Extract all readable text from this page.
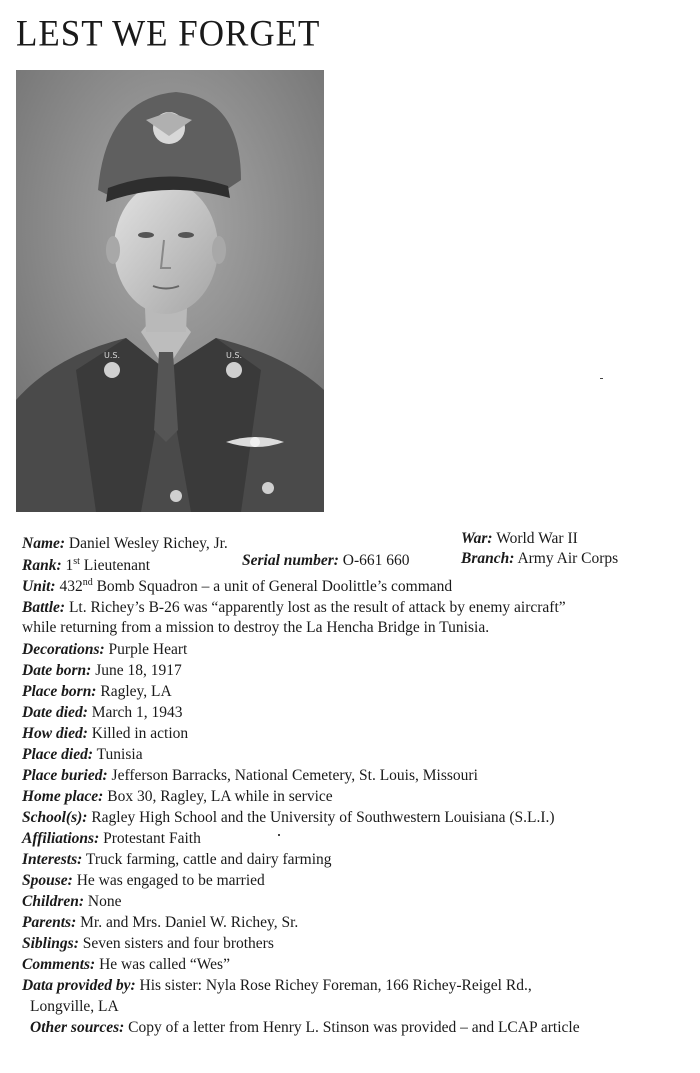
LEST WE FORGET
U.S.	U.S.
Name: Daniel Wesley Richey, Jr.	War: World War II
Rank: 1st Lieutenant	Serial number: O-661 660	Branch: Army Air Corps
Unit: 432nd Bomb Squadron – a unit of General Doolittle’s command
Battle: Lt. Richey’s B-26 was “apparently lost as the result of attack by enemy aircraft”
while returning from a mission to destroy the La Hencha Bridge in Tunisia.
Decorations: Purple Heart
Date born: June 18, 1917
Place born: Ragley, LA
Date died: March 1, 1943
How died: Killed in action
Place died: Tunisia
Place buried: Jefferson Barracks, National Cemetery, St. Louis, Missouri
Home place: Box 30, Ragley, LA while in service
School(s): Ragley High School and the University of Southwestern Louisiana (S.L.I.)
Affiliations: Protestant Faith
Interests: Truck farming, cattle and dairy farming
Spouse: He was engaged to be married
Children: None
Parents: Mr. and Mrs. Daniel W. Richey, Sr.
Siblings: Seven sisters and four brothers
Comments: He was called “Wes”
Data provided by: His sister: Nyla Rose Richey Foreman, 166 Richey-Reigel Rd.,
Longville, LA
Other sources: Copy of a letter from Henry L. Stinson was provided – and LCAP article
